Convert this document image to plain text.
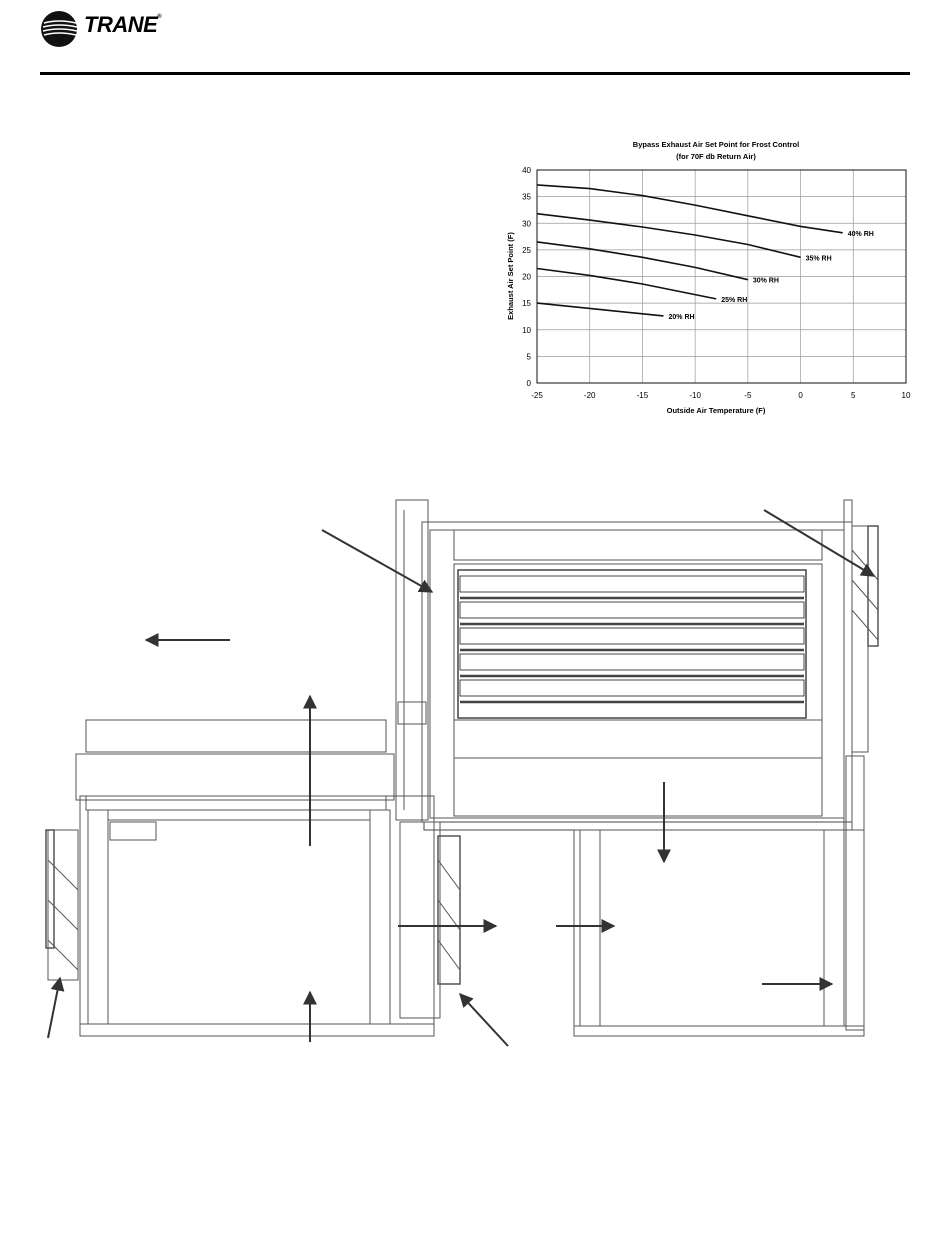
TRANE®
Bypass Exhaust Air Set Point for Frost Control
(for 70F db Return Air)
40% RH
35% RH
30% RH
25% RH
20% RH
-25	-20	-15	-10	-5	0	5	10
0
5
10
15
20
25
30
35
40
Outside Air Temperature (F)
Exhaust Air Set Point (F)
